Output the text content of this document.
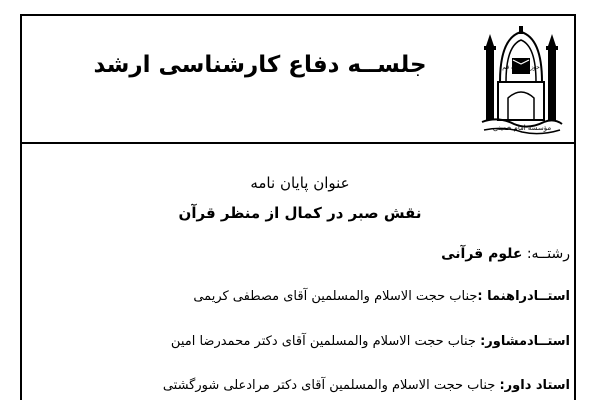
حوزه علمیه قم
مؤسسه امام خمینی
جلســه دفاع کارشناسی ارشد
عنوان پایان نامه
نقش صبر در کمال از منظر قرآن
رشتــه: علوم قرآنی
استــادراهنما :جناب حجت الاسلام والمسلمین آقای مصطفی کریمی
استــادمشاور: جناب حجت الاسلام والمسلمین آقای دکتر محمدرضا امین
استاد داور: جناب حجت الاسلام والمسلمین آقای دکتر مرادعلی شورگشتی
